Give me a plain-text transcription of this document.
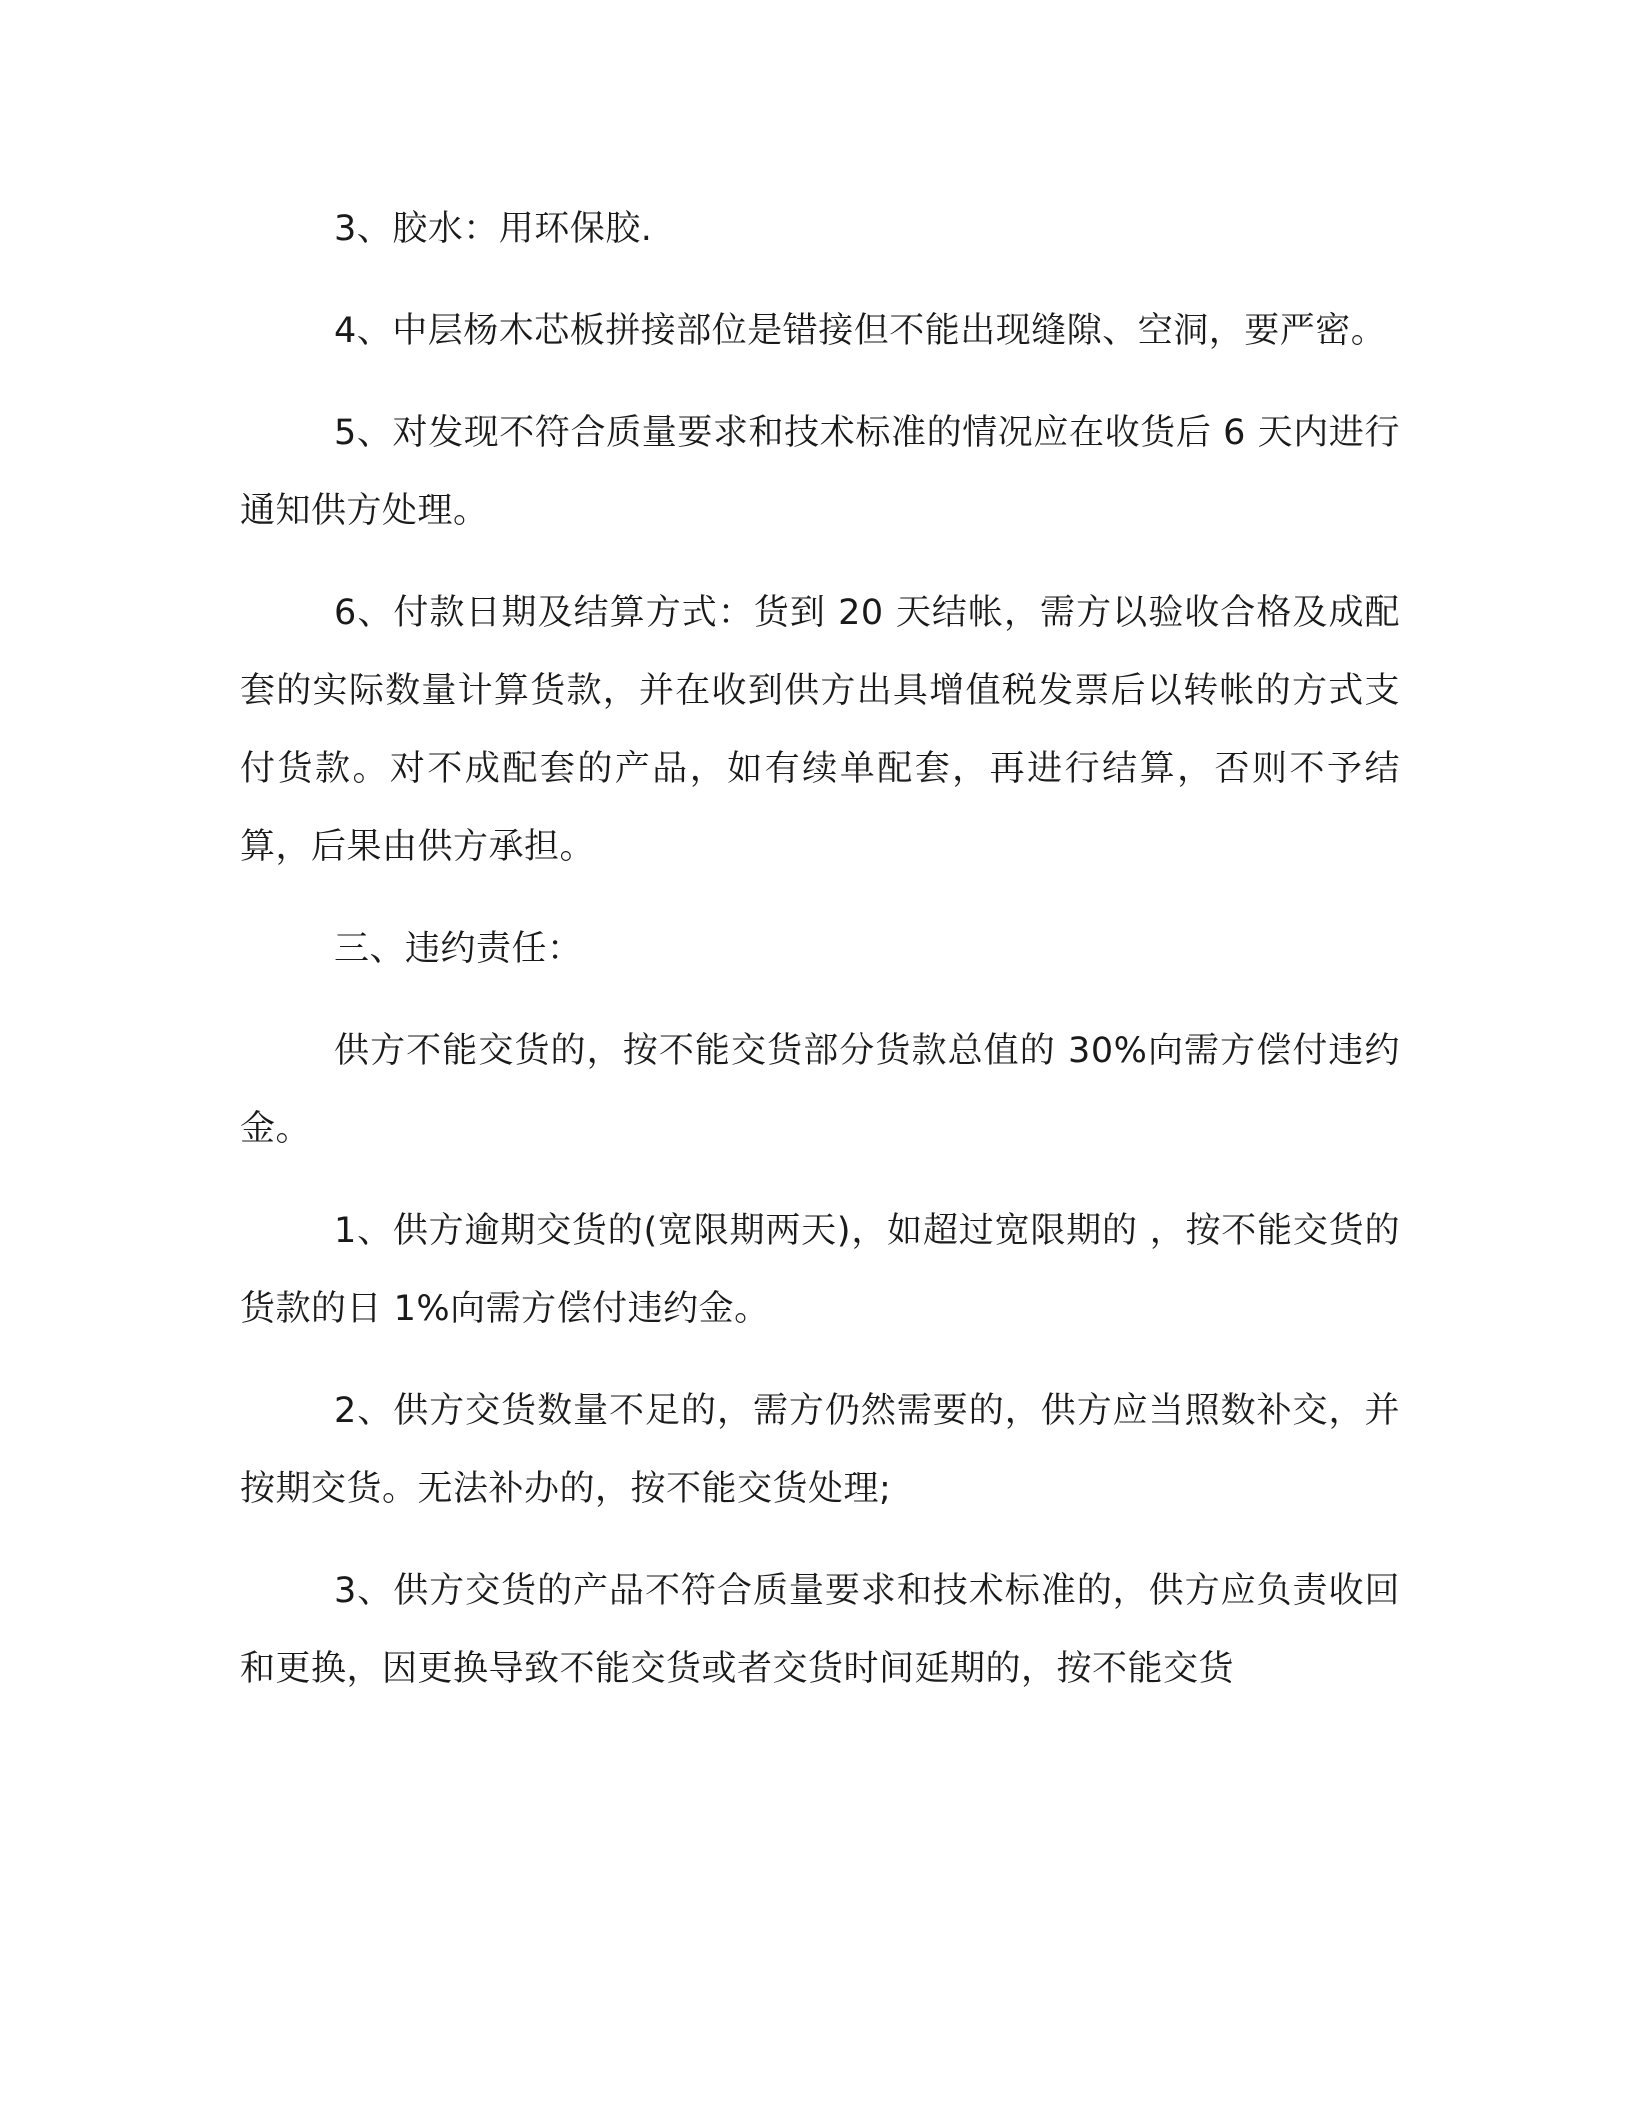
3、胶水：用环保胶.

4、中层杨木芯板拼接部位是错接但不能出现缝隙、空洞，要严密。

5、对发现不符合质量要求和技术标准的情况应在收货后 6 天内进行通知供方处理。

6、付款日期及结算方式：货到 20 天结帐，需方以验收合格及成配套的实际数量计算货款，并在收到供方出具增值税发票后以转帐的方式支付货款。对不成配套的产品，如有续单配套，再进行结算，否则不予结算，后果由供方承担。

三、违约责任：

供方不能交货的，按不能交货部分货款总值的 30%向需方偿付违约金。

1、供方逾期交货的(宽限期两天)，如超过宽限期的 ，按不能交货的货款的日 1%向需方偿付违约金。

2、供方交货数量不足的，需方仍然需要的，供方应当照数补交，并按期交货。无法补办的，按不能交货处理;

3、供方交货的产品不符合质量要求和技术标准的，供方应负责收回和更换，因更换导致不能交货或者交货时间延期的，按不能交货
